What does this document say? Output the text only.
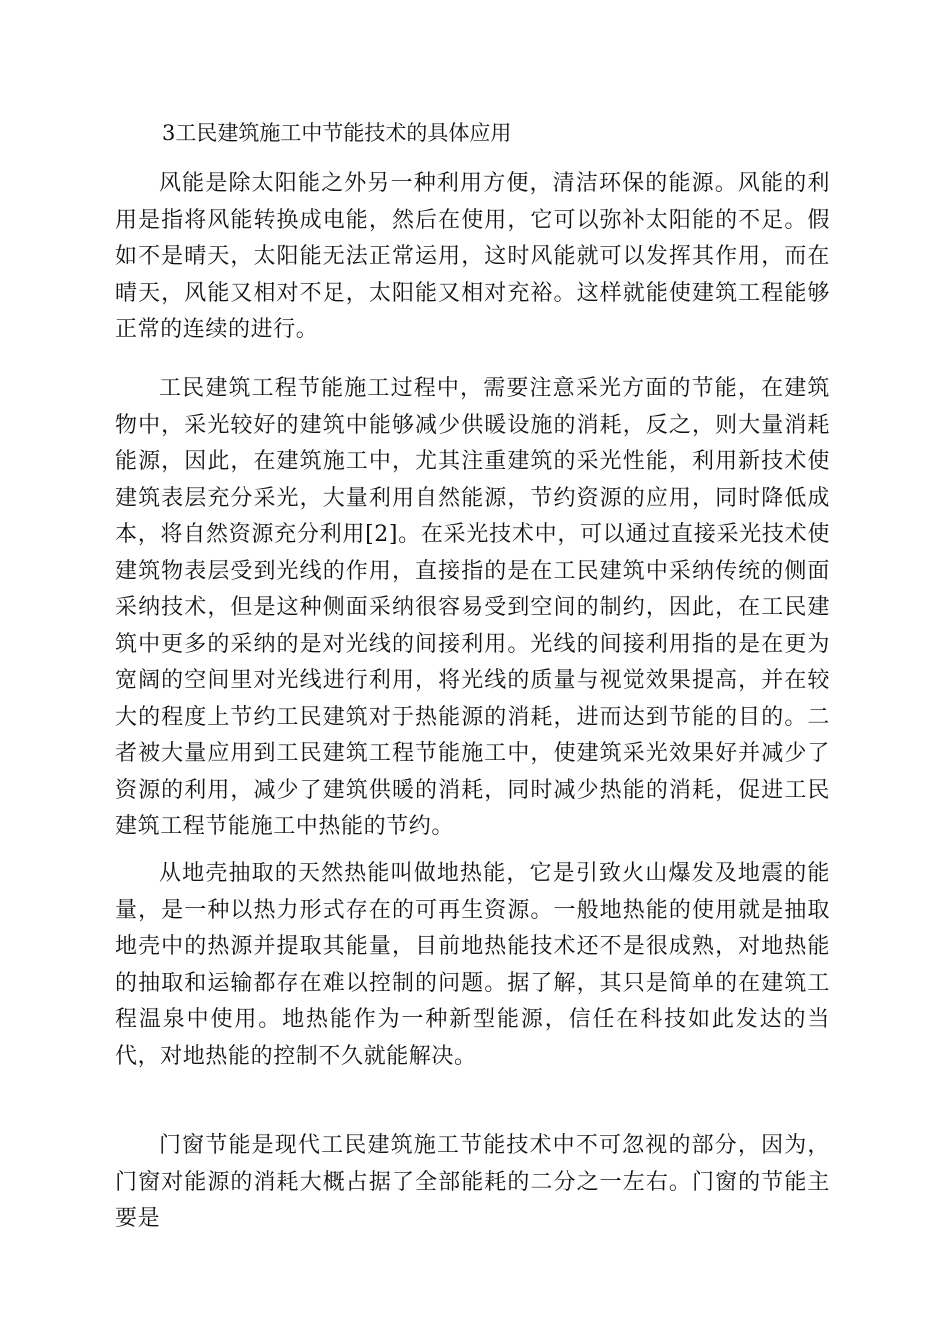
3工民建筑施工中节能技术的具体应用

风能是除太阳能之外另一种利用方便，清洁环保的能源。风能的利用是指将风能转换成电能，然后在使用，它可以弥补太阳能的不足。假如不是晴天，太阳能无法正常运用，这时风能就可以发挥其作用，而在晴天，风能又相对不足，太阳能又相对充裕。这样就能使建筑工程能够正常的连续的进行。

工民建筑工程节能施工过程中，需要注意采光方面的节能，在建筑物中，采光较好的建筑中能够减少供暖设施的消耗，反之，则大量消耗能源，因此，在建筑施工中，尤其注重建筑的采光性能，利用新技术使建筑表层充分采光，大量利用自然能源，节约资源的应用，同时降低成本，将自然资源充分利用[2]。在采光技术中，可以通过直接采光技术使建筑物表层受到光线的作用，直接指的是在工民建筑中采纳传统的侧面采纳技术，但是这种侧面采纳很容易受到空间的制约，因此，在工民建筑中更多的采纳的是对光线的间接利用。光线的间接利用指的是在更为宽阔的空间里对光线进行利用，将光线的质量与视觉效果提高，并在较大的程度上节约工民建筑对于热能源的消耗，进而达到节能的目的。二者被大量应用到工民建筑工程节能施工中，使建筑采光效果好并减少了资源的利用，减少了建筑供暖的消耗，同时减少热能的消耗，促进工民建筑工程节能施工中热能的节约。

从地壳抽取的天然热能叫做地热能，它是引致火山爆发及地震的能量，是一种以热力形式存在的可再生资源。一般地热能的使用就是抽取地壳中的热源并提取其能量，目前地热能技术还不是很成熟，对地热能的抽取和运输都存在难以控制的问题。据了解，其只是简单的在建筑工程温泉中使用。地热能作为一种新型能源，信任在科技如此发达的当代，对地热能的控制不久就能解决。

门窗节能是现代工民建筑施工节能技术中不可忽视的部分，因为，门窗对能源的消耗大概占据了全部能耗的二分之一左右。门窗的节能主要是
